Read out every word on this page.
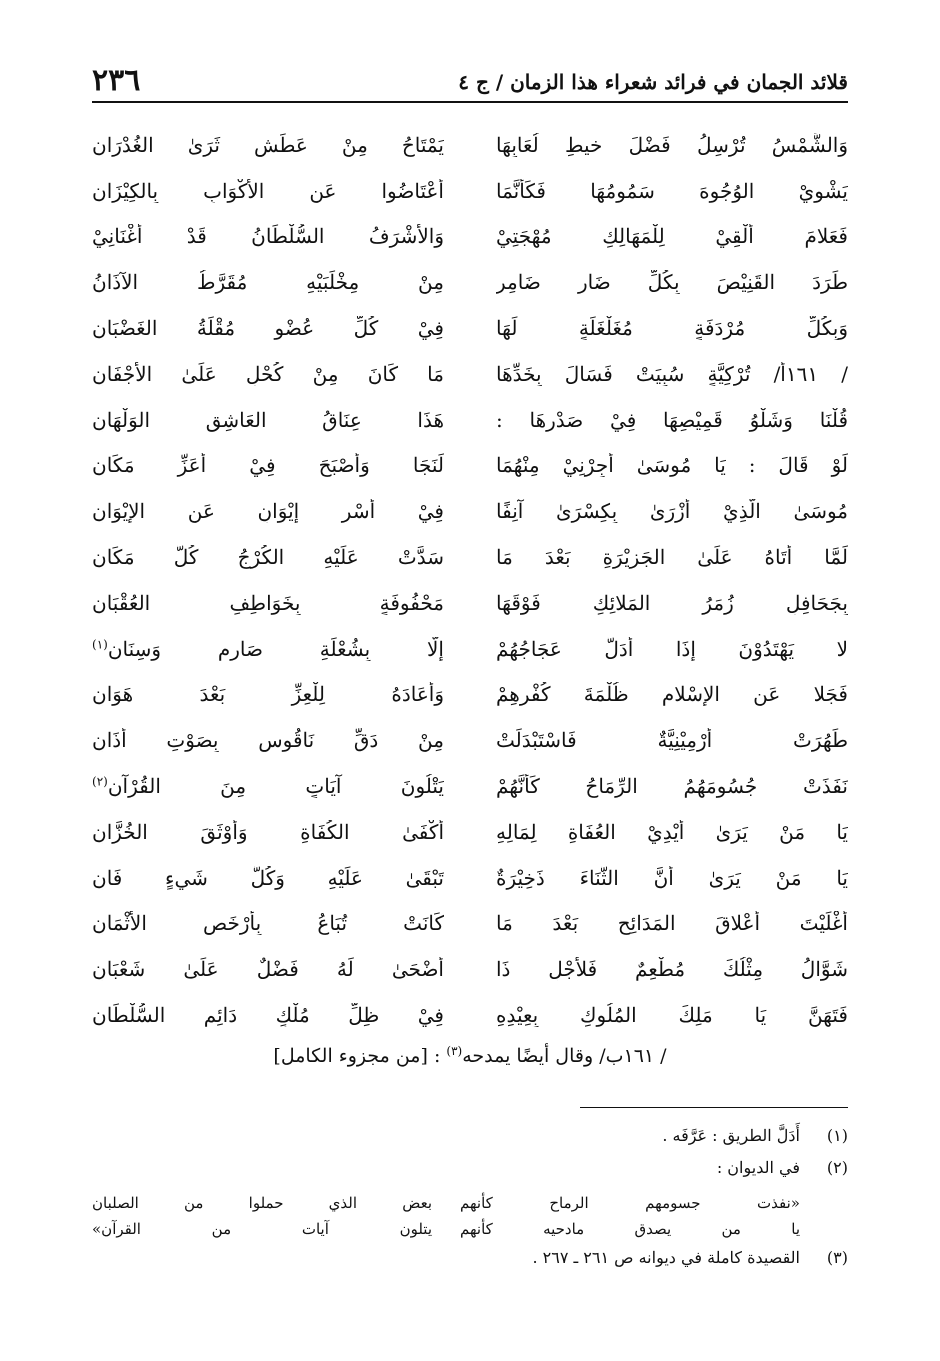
قلائد الجمان في فرائد شعراء هذا الزمان / ج ٤
٢٣٦
وَالشَّمْسُ تُرْسِلُ فَضْلَ خيطِ لُعَابِهَا
يَمْتَاحُ مِنْ عَطَشٍ ثَرَىٰ الغُدْرَانِ
يَشْوِيْ الوُجُوهَ سَمُومُهَا فَكَأَنَّمَا
أَعْتَاضُوا عَنِ الأَكْوَابِ بِالكِيْزَانِ
فَعَلامَ أُلْقِيْ لِلْمَهَالِكِ مُهْجَتِيْ
وَالأَشْرَفُ السُّلْطَانُ قَدْ أَغْنَانِيْ
طَرَدَ القَنِيْصَ بِكُلِّ ضَارٍ ضَامِرٍ
مِنْ مِخْلَبَيْهِ مُقَرَّطُ الآذَانُ
وَبِكُلِّ مُرْدَفَةٍ مُغَلْغَلَةٍ لَهَا
فِيْ كُلِّ عُضْوٍ مُقْلَةُ الغَضْبَانِ
/ ١٦١أ/ تُرْكِيَّةٍ سُبِيَتْ فَسَالَ بِخَدِّهَا
مَا كَانَ مِنْ كُحْلٍ عَلَىٰ الأَجْفَانِ
قُلْنَا وَشَلْوُ قَمِيْصِهَا فِيْ صَدْرِهَا :
هَذَا عِنَاقُ العَاشِقِ الوَلْهَانِ
لَوْ قَالَ : يَا مُوسَىٰ أَجِرْنِيْ مِنْهُمَا
لَنَجَا وَأَصْبَحَ فِيْ أَعَزِّ مَكَانِ
مُوسَىٰ الَّذِيْ أَزْرَىٰ بِكِسْرَىٰ آنِفًا
فِيْ أَسْرِ إِيْوَانٍ عَنِ الإِيْوَانِ
لَمَّا أَتَاهُ عَلَىٰ الجَزِيْرَةِ بَعْدَ مَا
سَدَّتْ عَلَيْهِ الكُرْجُ كُلَّ مَكَانِ
بِجَحَافِلٍ زُمَرُ المَلائِكِ فَوْقَهَا
مَحْفُوفَةٍ بِخَوَاطِفِ العُقْبَانِ
لا يَهْتَدُوْنَ إِذَا أَدَلَّ عَجَاجُهُمْ
إِلَّا بِشُعْلَةِ صَارِمٍ وَسِنَانِ$^{(١)}$
فَجَلا عَنِ الإِسْلامِ ظُلْمَةَ كُفْرِهِمْ
وَأَعَادَهُ لِلْعِزِّ بَعْدَ هَوَانِ
طَهُرَتْ أَرْمِيْنِيَّةٌ فَاسْتَبْدَلَتْ
مِنْ دَقِّ نَاقُوسٍ بِصَوْتِ أَذَانِ
نَفَذَتْ جُسُومَهُمُ الرِّمَاحُ كَأَنَّهُمْ
يَتْلُونَ آيَاتٍ مِنَ القُرْآنِ$^{(٢)}$
يَا مَنْ يَرَىٰ أَيْدِيْ العُفَاةِ لِمَالِهِ
أَكْفَىٰ الكُفَاةِ وَأَوْثَقَ الخُزَّانِ
يَا مَنْ يَرَىٰ أَنَّ الثَّنَاءَ ذَخِيْرَةٌ
تَبْقَىٰ عَلَيْهِ وَكُلُّ شَيءٍ فَانِ
أَغْلَيْتَ أَعْلاقَ المَدَائِحِ بَعْدَ مَا
كَانَتْ تُبَاعُ بِأَرْخَصِ الأَثْمَانِ
شَوَّالُ مِثْلُكَ مُطْعِمٌ فَلأَجْلِ ذَا
أَضْحَىٰ لَهُ فَضْلٌ عَلَىٰ شَعْبَانِ
فَتَهَنَّ يَا مَلِكَ المُلُوكِ بِعِيْدِهِ
فِيْ ظِلِّ مُلْكٍ دَائِمِ السُّلْطَانِ
/ ١٦١ب/ وقال أيضًا يمدحه$^{(٣)}$ : [من مجزوء الكامل]
(١)
أَدَلَّ الطريق : عَرَّفَه .
(٢)
في الديوان :
«نفذت جسومهم الرماح كأنهم
بعض الذي حملوا من الصلبان
يا من يصدق مادحيه كأنهم
يتلون آيات من القرآن»
(٣)
القصيدة كاملة في ديوانه ص ٢٦١ ـ ٢٦٧ .
